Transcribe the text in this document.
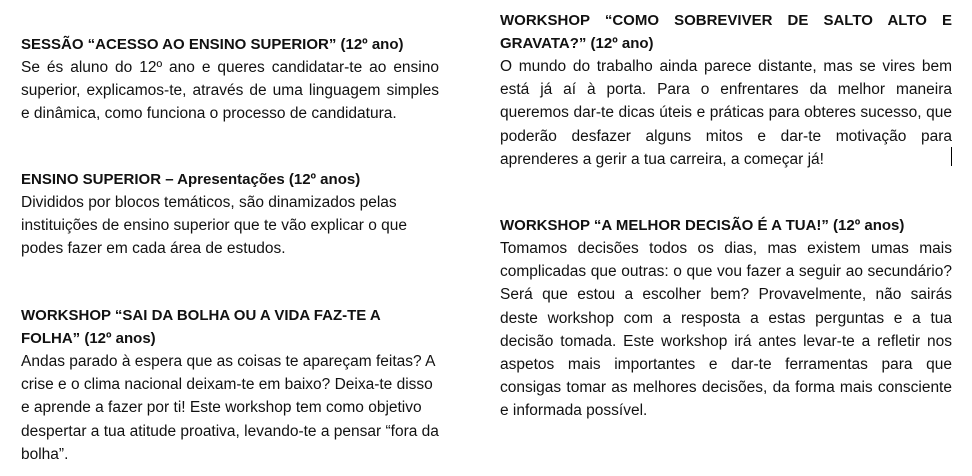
SESSÃO “ACESSO AO ENSINO SUPERIOR” (12º ano)

Se és aluno do 12º ano e queres candidatar-te ao ensino superior, explicamos-te, através de uma linguagem simples e dinâmica, como funciona o processo de candidatura.

ENSINO SUPERIOR – Apresentações (12º anos)

Divididos por blocos temáticos, são dinamizados pelas instituições de ensino superior que te vão explicar o que podes fazer em cada área de estudos.

WORKSHOP “SAI DA BOLHA OU A VIDA FAZ-TE A FOLHA” (12º anos)

Andas parado à espera que as coisas te apareçam feitas? A crise e o clima nacional deixam-te em baixo? Deixa-te disso e aprende a fazer por ti! Este workshop tem como objetivo despertar a tua atitude proativa, levando-te a pensar “fora da bolha”.

WORKSHOP “COMO SOBREVIVER DE SALTO ALTO E GRAVATA?” (12º ano)

O mundo do trabalho ainda parece distante, mas se vires bem está já aí à porta. Para o enfrentares da melhor maneira queremos dar-te dicas úteis e práticas para obteres sucesso, que poderão desfazer alguns mitos e dar-te motivação para aprenderes a gerir a tua carreira, a começar já!

WORKSHOP “A MELHOR DECISÃO É A TUA!” (12º anos)

Tomamos decisões todos os dias, mas existem umas mais complicadas que outras: o que vou fazer a seguir ao secundário? Será que estou a escolher bem? Provavelmente, não sairás deste workshop com a resposta a estas perguntas e a tua decisão tomada. Este workshop irá antes levar-te a refletir nos aspetos mais importantes e dar-te ferramentas para que consigas tomar as melhores decisões, da forma mais consciente e informada possível.
